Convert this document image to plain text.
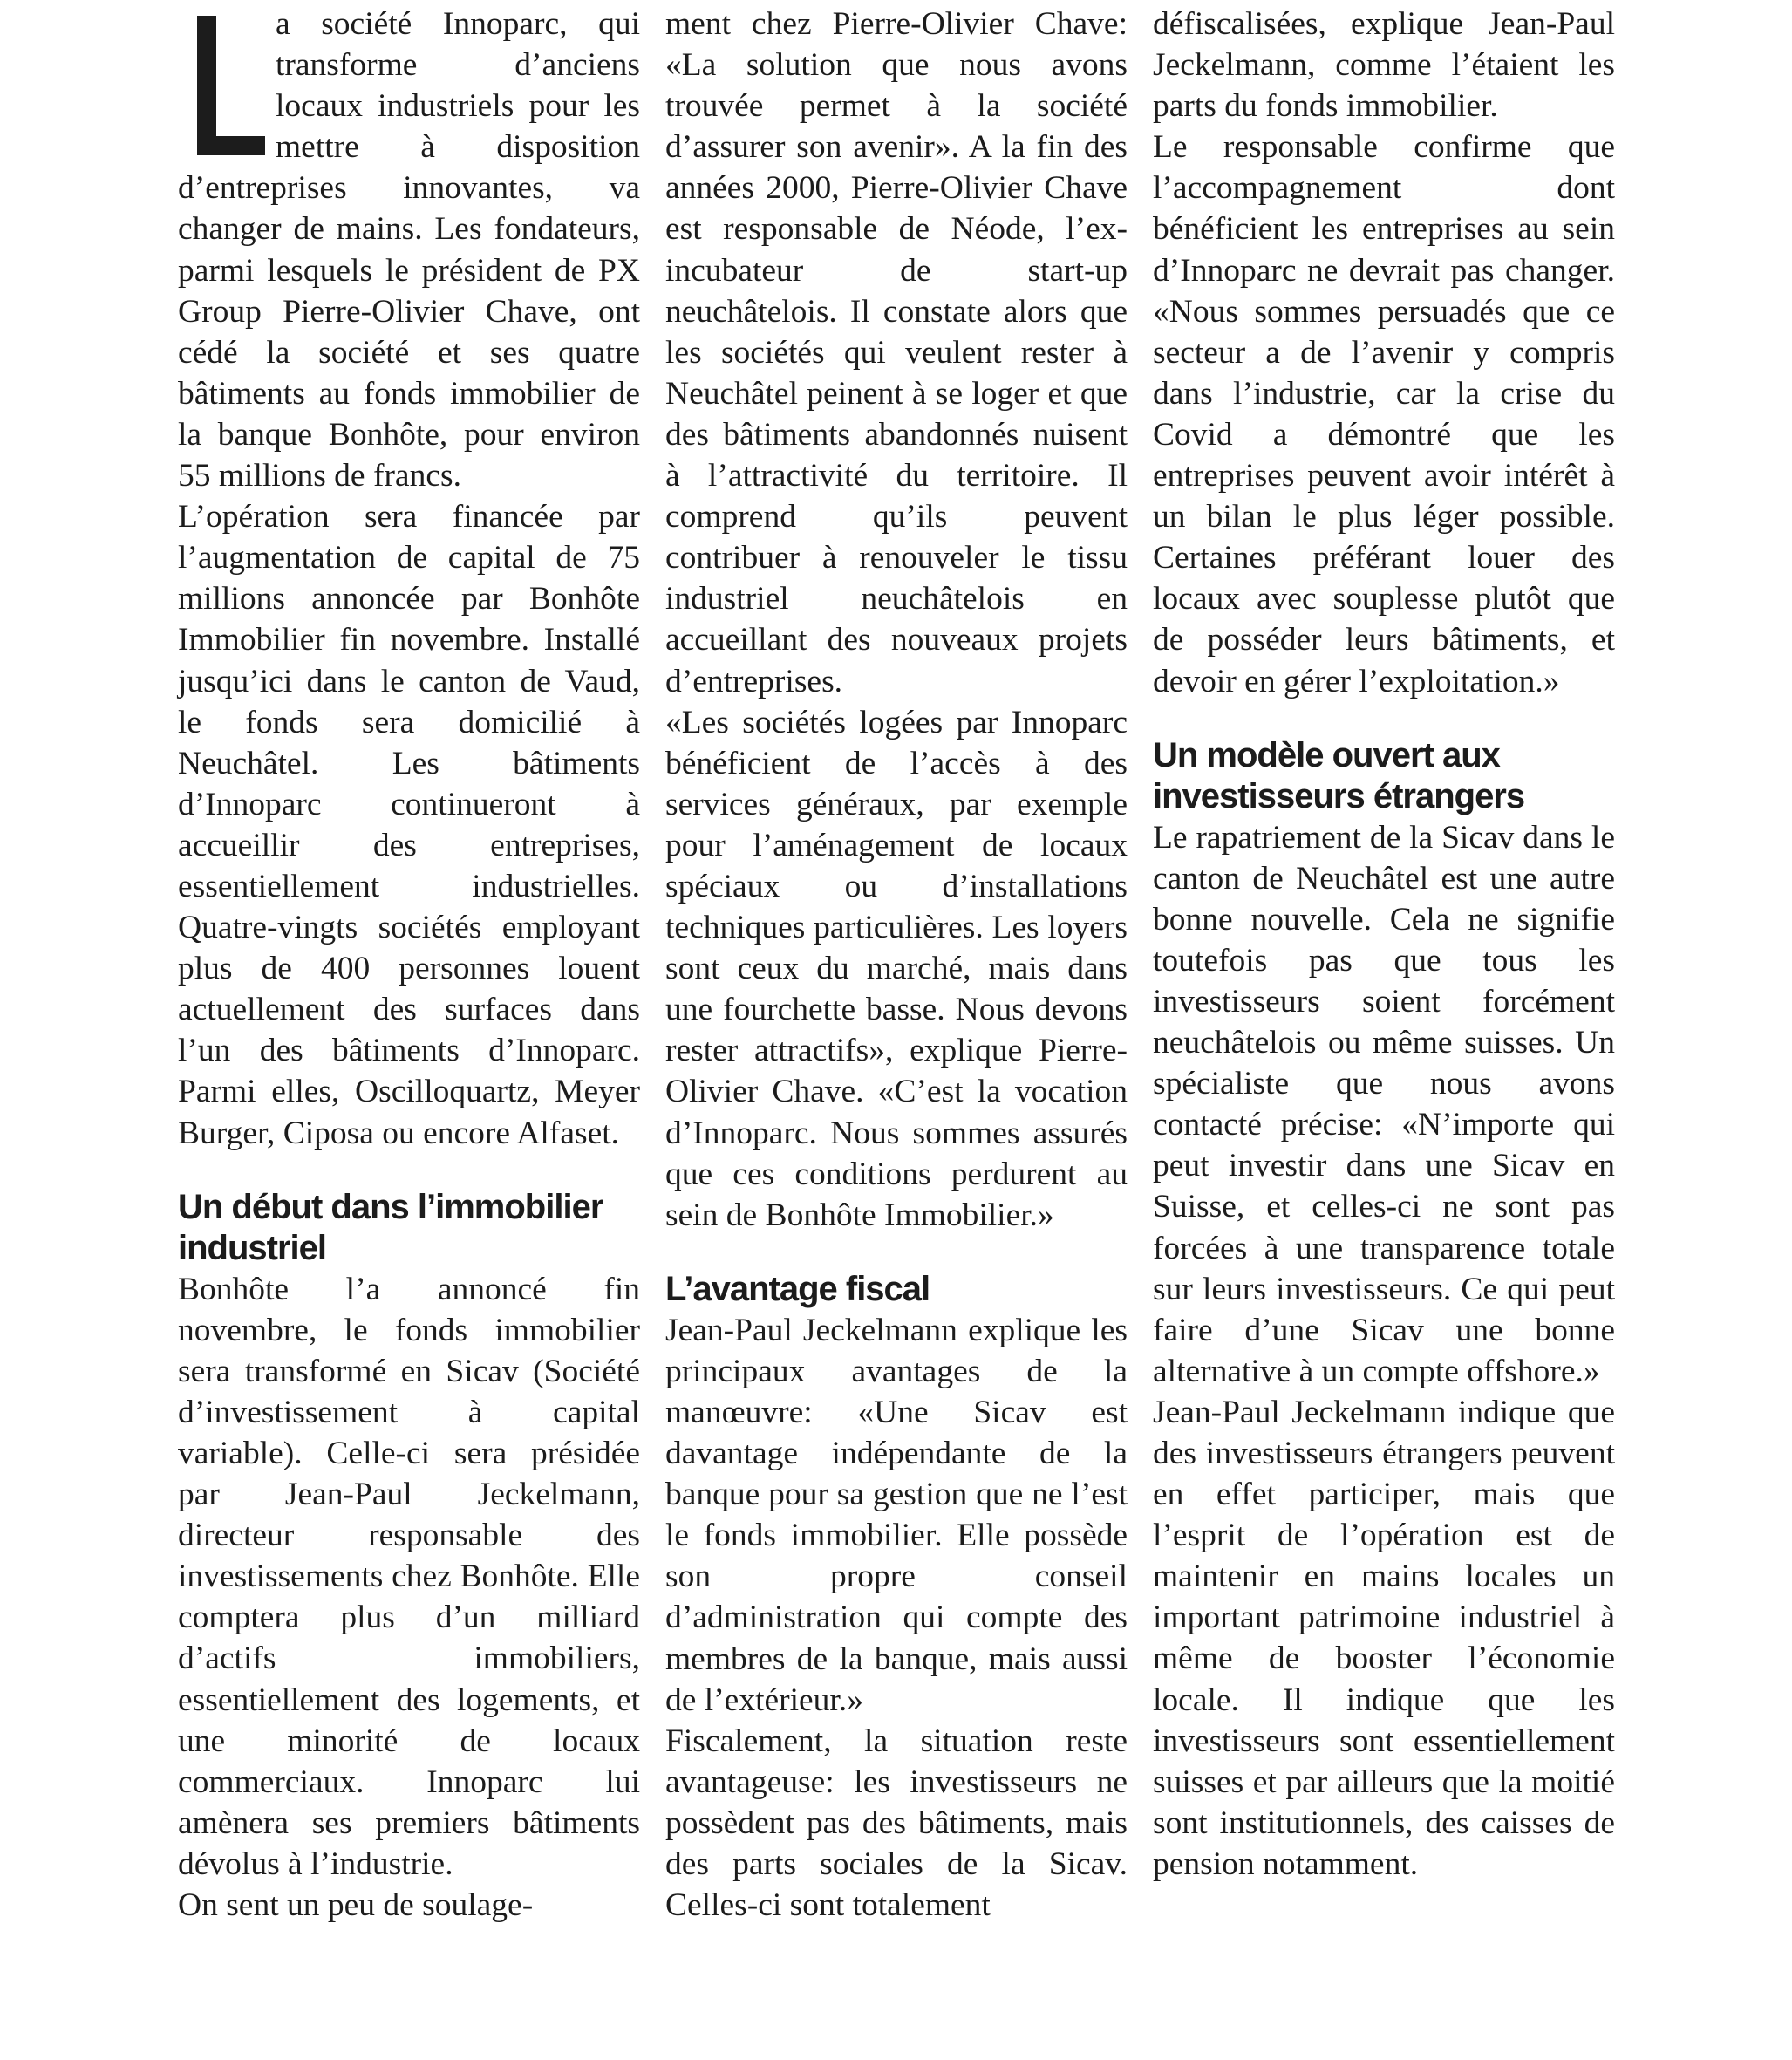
a société Innoparc, qui transforme d’anciens locaux industriels pour les mettre à disposition d’entreprises innovantes, va changer de mains. Les fondateurs, parmi lesquels le président de PX Group Pierre-Olivier Chave, ont cédé la société et ses quatre bâtiments au fonds immobilier de la banque Bonhôte, pour environ 55 millions de francs.

L’opération sera financée par l’augmentation de capital de 75 millions annoncée par Bonhôte Immobilier fin novembre. Installé jusqu’ici dans le canton de Vaud, le fonds sera domicilié à Neuchâtel. Les bâtiments d’Innoparc continueront à accueillir des entreprises, essentiellement industrielles. Quatre-vingts sociétés employant plus de 400 personnes louent actuellement des surfaces dans l’un des bâtiments d’Innoparc. Parmi elles, Oscilloquartz, Meyer Burger, Ciposa ou encore Alfaset.

Un début dans l’immobilier industriel

Bonhôte l’a annoncé fin novembre, le fonds immobilier sera transformé en Sicav (Société d’investissement à capital variable). Celle-ci sera présidée par Jean-Paul Jeckelmann, directeur responsable des investissements chez Bonhôte. Elle comptera plus d’un milliard d’actifs immobiliers, essentiellement des logements, et une minorité de locaux commerciaux. Innoparc lui amènera ses premiers bâtiments dévolus à l’industrie.

On sent un peu de soulage-

ment chez Pierre-Olivier Chave: «La solution que nous avons trouvée permet à la société d’assurer son avenir». A la fin des années 2000, Pierre-Olivier Chave est responsable de Néode, l’ex-incubateur de start-up neuchâtelois. Il constate alors que les sociétés qui veulent rester à Neuchâtel peinent à se loger et que des bâtiments abandonnés nuisent à l’attractivité du territoire. Il comprend qu’ils peuvent contribuer à renouveler le tissu industriel neuchâtelois en accueillant des nouveaux projets d’entreprises.

«Les sociétés logées par Innoparc bénéficient de l’accès à des services généraux, par exemple pour l’aménagement de locaux spéciaux ou d’installations techniques particulières. Les loyers sont ceux du marché, mais dans une fourchette basse. Nous devons rester attractifs», explique Pierre-Olivier Chave. «C’est la vocation d’Innoparc. Nous sommes assurés que ces conditions perdurent au sein de Bonhôte Immobilier.»

L’avantage fiscal

Jean-Paul Jeckelmann explique les principaux avantages de la manœuvre: «Une Sicav est davantage indépendante de la banque pour sa gestion que ne l’est le fonds immobilier. Elle possède son propre conseil d’administration qui compte des membres de la banque, mais aussi de l’extérieur.»

Fiscalement, la situation reste avantageuse: les investisseurs ne possèdent pas des bâtiments, mais des parts sociales de la Sicav. Celles-ci sont totalement

défiscalisées, explique Jean-Paul Jeckelmann, comme l’étaient les parts du fonds immobilier.

Le responsable confirme que l’accompagnement dont bénéficient les entreprises au sein d’Innoparc ne devrait pas changer. «Nous sommes persuadés que ce secteur a de l’avenir y compris dans l’industrie, car la crise du Covid a démontré que les entreprises peuvent avoir intérêt à un bilan le plus léger possible. Certaines préférant louer des locaux avec souplesse plutôt que de posséder leurs bâtiments, et devoir en gérer l’exploitation.»

Un modèle ouvert aux investisseurs étrangers

Le rapatriement de la Sicav dans le canton de Neuchâtel est une autre bonne nouvelle. Cela ne signifie toutefois pas que tous les investisseurs soient forcément neuchâtelois ou même suisses. Un spécialiste que nous avons contacté précise: «N’importe qui peut investir dans une Sicav en Suisse, et celles-ci ne sont pas forcées à une transparence totale sur leurs investisseurs. Ce qui peut faire d’une Sicav une bonne alternative à un compte offshore.»

Jean-Paul Jeckelmann indique que des investisseurs étrangers peuvent en effet participer, mais que l’esprit de l’opération est de maintenir en mains locales un important patrimoine industriel à même de booster l’économie locale. Il indique que les investisseurs sont essentiellement suisses et par ailleurs que la moitié sont institutionnels, des caisses de pension notamment.
